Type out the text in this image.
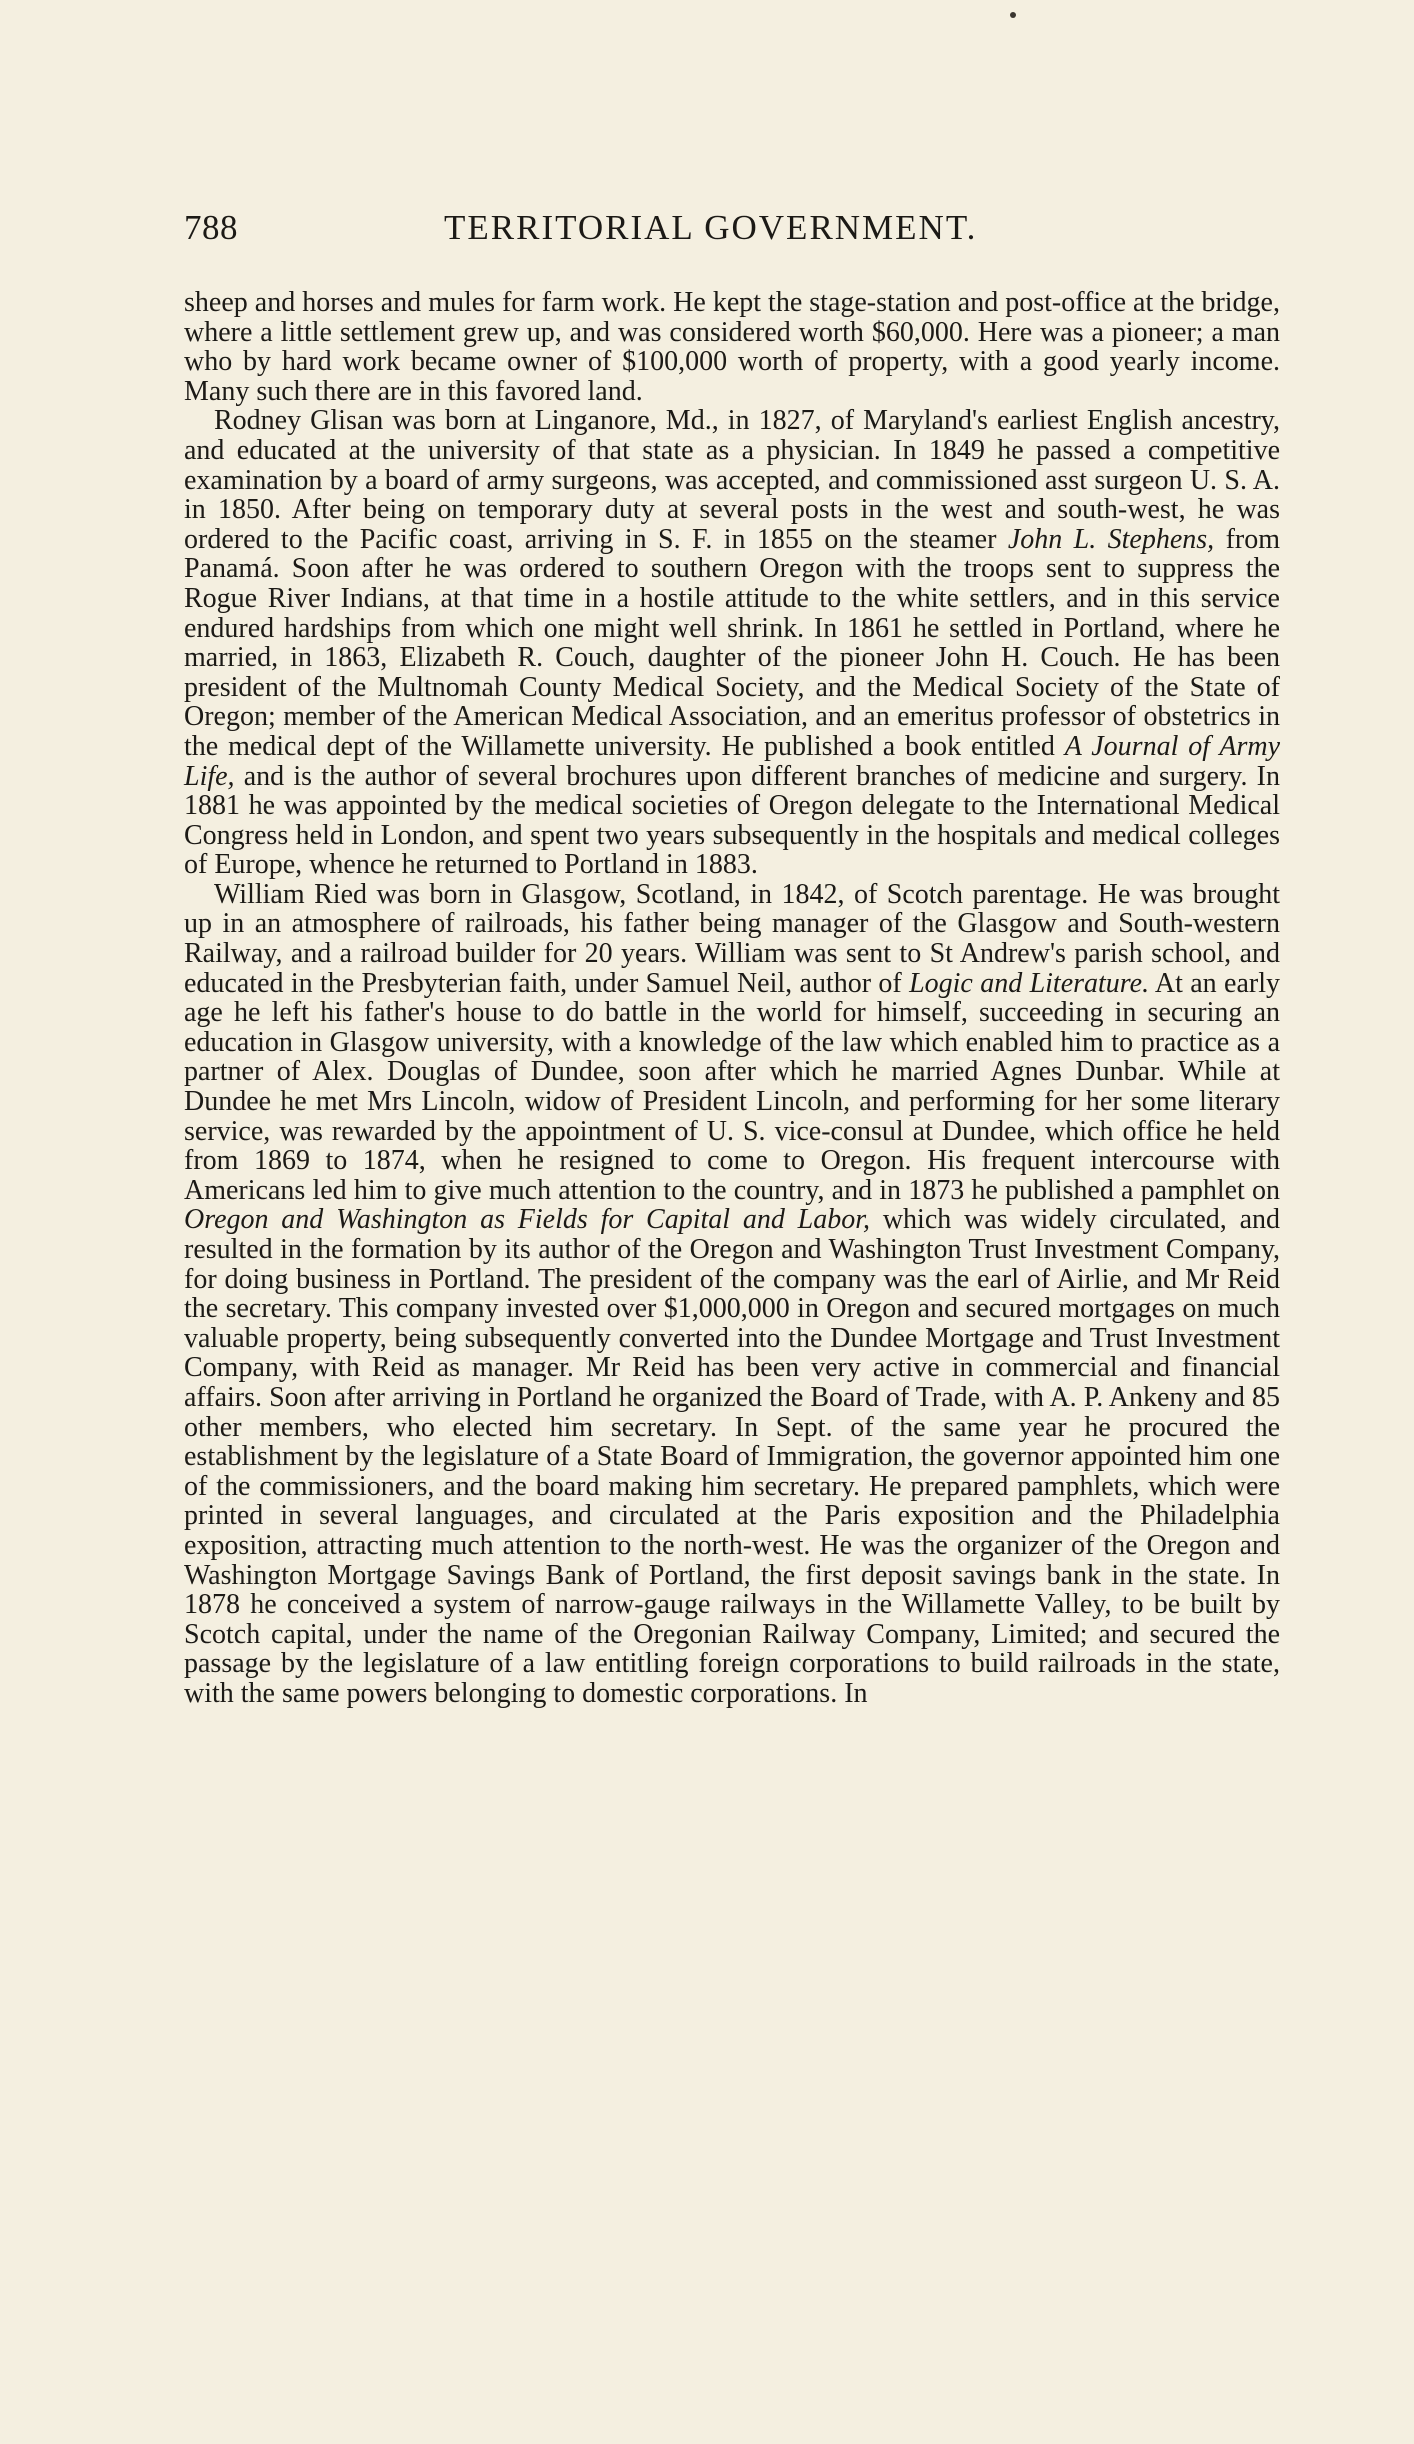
788	TERRITORIAL GOVERNMENT.

sheep and horses and mules for farm work. He kept the stage-station and post-office at the bridge, where a little settlement grew up, and was considered worth $60,000. Here was a pioneer; a man who by hard work became owner of $100,000 worth of property, with a good yearly income. Many such there are in this favored land.

Rodney Glisan was born at Linganore, Md., in 1827, of Maryland's earliest English ancestry, and educated at the university of that state as a physician. In 1849 he passed a competitive examination by a board of army surgeons, was accepted, and commissioned asst surgeon U. S. A. in 1850. After being on temporary duty at several posts in the west and south-west, he was ordered to the Pacific coast, arriving in S. F. in 1855 on the steamer John L. Stephens, from Panamá. Soon after he was ordered to southern Oregon with the troops sent to suppress the Rogue River Indians, at that time in a hostile attitude to the white settlers, and in this service endured hardships from which one might well shrink. In 1861 he settled in Portland, where he married, in 1863, Elizabeth R. Couch, daughter of the pioneer John H. Couch. He has been president of the Multnomah County Medical Society, and the Medical Society of the State of Oregon; member of the American Medical Association, and an emeritus professor of obstetrics in the medical dept of the Willamette university. He published a book entitled A Journal of Army Life, and is the author of several brochures upon different branches of medicine and surgery. In 1881 he was appointed by the medical societies of Oregon delegate to the International Medical Congress held in London, and spent two years subsequently in the hospitals and medical colleges of Europe, whence he returned to Portland in 1883.

William Ried was born in Glasgow, Scotland, in 1842, of Scotch parentage. He was brought up in an atmosphere of railroads, his father being manager of the Glasgow and South-western Railway, and a railroad builder for 20 years. William was sent to St Andrew's parish school, and educated in the Presbyterian faith, under Samuel Neil, author of Logic and Literature. At an early age he left his father's house to do battle in the world for himself, succeeding in securing an education in Glasgow university, with a knowledge of the law which enabled him to practice as a partner of Alex. Douglas of Dundee, soon after which he married Agnes Dunbar. While at Dundee he met Mrs Lincoln, widow of President Lincoln, and performing for her some literary service, was rewarded by the appointment of U. S. vice-consul at Dundee, which office he held from 1869 to 1874, when he resigned to come to Oregon. His frequent intercourse with Americans led him to give much attention to the country, and in 1873 he published a pamphlet on Oregon and Washington as Fields for Capital and Labor, which was widely circulated, and resulted in the formation by its author of the Oregon and Washington Trust Investment Company, for doing business in Portland. The president of the company was the earl of Airlie, and Mr Reid the secretary. This company invested over $1,000,000 in Oregon and secured mortgages on much valuable property, being subsequently converted into the Dundee Mortgage and Trust Investment Company, with Reid as manager. Mr Reid has been very active in commercial and financial affairs. Soon after arriving in Portland he organized the Board of Trade, with A. P. Ankeny and 85 other members, who elected him secretary. In Sept. of the same year he procured the establishment by the legislature of a State Board of Immigration, the governor appointed him one of the commissioners, and the board making him secretary. He prepared pamphlets, which were printed in several languages, and circulated at the Paris exposition and the Philadelphia exposition, attracting much attention to the north-west. He was the organizer of the Oregon and Washington Mortgage Savings Bank of Portland, the first deposit savings bank in the state. In 1878 he conceived a system of narrow-gauge railways in the Willamette Valley, to be built by Scotch capital, under the name of the Oregonian Railway Company, Limited; and secured the passage by the legislature of a law entitling foreign corporations to build railroads in the state, with the same powers belonging to domestic corporations. In
